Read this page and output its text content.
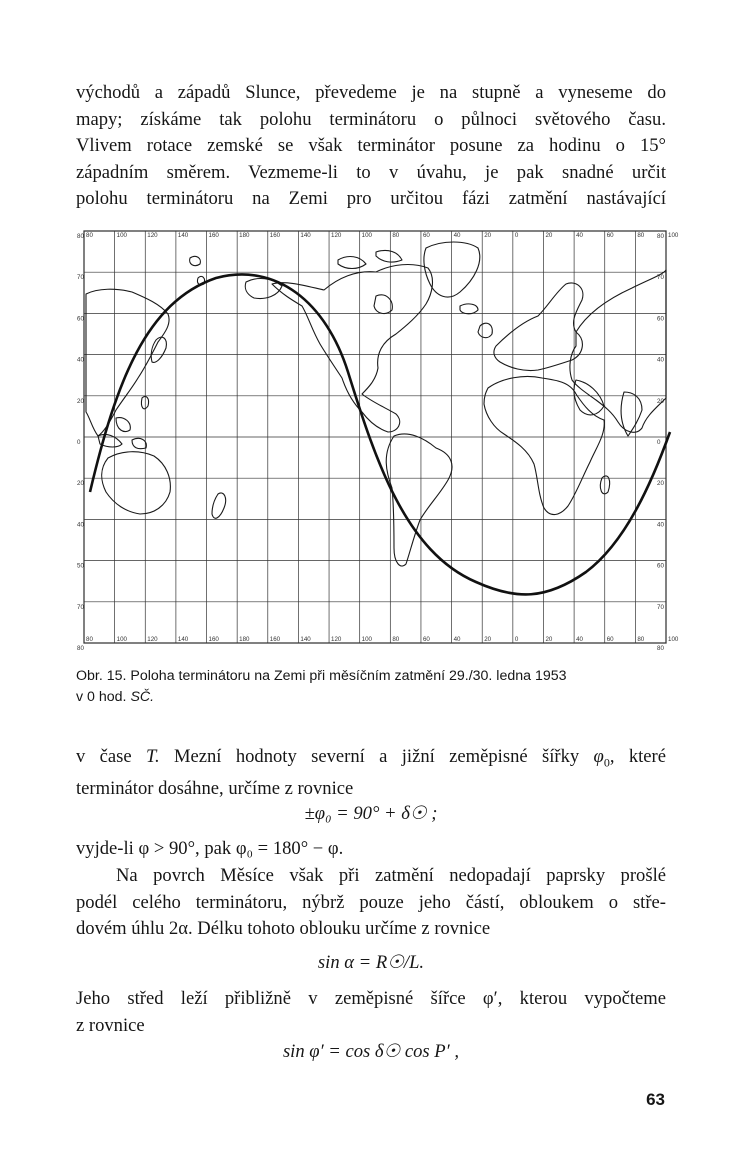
východů a západů Slunce, převedeme je na stupně a vyneseme do
mapy; získáme tak polohu terminátoru o půlnoci světového času.
Vlivem rotace zemské se však terminátor posune za hodinu o 15°
západním směrem. Vezmeme-li to v úvahu, je pak snadné určit
polohu terminátoru na Zemi pro určitou fázi zatmění nastávající
80
80
100
100
120
120
140
140
160
160
180
180
160
160
140
140
120
120
100
100
80
80
60
60
40
40
20
20
0
0
20
20
40
40
60
60
80
80
100
100
80	80
70	70
60	60
40	40
20	20
0	0
20	20
40	40
50	60
70	70
80	80
Obr. 15. Poloha terminátoru na Zemi při měsíčním zatmění 29./30. ledna 1953
v 0 hod. SČ.
v čase T. Mezní hodnoty severní a jižní zeměpisné šířky $\varphi_0$, které
terminátor dosáhne, určíme z rovnice
±φ₀ = 90° + δ☉ ;
vyjde-li φ > 90°, pak φ₀ = 180° − φ.
Na povrch Měsíce však při zatmění nedopadají paprsky prošlé
podél celého terminátoru, nýbrž pouze jeho částí, obloukem o stře-
dovém úhlu 2α. Délku tohoto oblouku určíme z rovnice
sin α = R☉/L.
Jeho střed leží přibližně v zeměpisné šířce φ′, kterou vypočteme
z rovnice
sin φ′ = cos δ☉ cos P′ ,
63
